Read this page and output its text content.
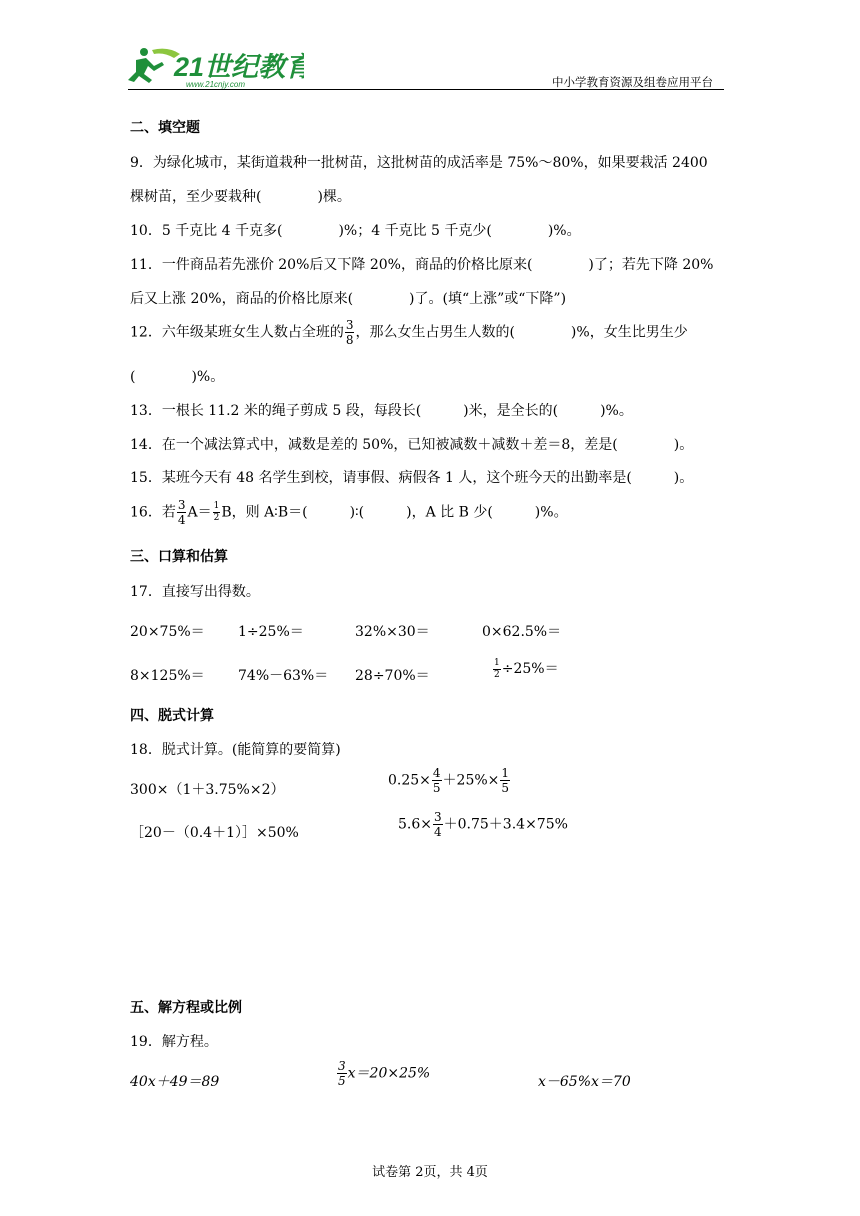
21世纪教育
www.21cnjy.com	中小学教育资源及组卷应用平台
二、填空题
9．为绿化城市，某街道栽种一批树苗，这批树苗的成活率是 75%～80%，如果要栽活 2400
棵树苗，至少要栽种(　　　　)棵。
10．5 千克比 4 千克多(　　　　)%；4 千克比 5 千克少(　　　　)%。
11．一件商品若先涨价 20%后又下降 20%，商品的价格比原来(　　　　)了；若先下降 20%
后又上涨 20%，商品的价格比原来(　　　　)了。(填“上涨”或“下降”)
12．六年级某班女生人数占全班的 $\frac{3}{8}$ ，那么女生占男生人数的(　　　　)%，女生比男生少
(　　　　)%。
13．一根长 11.2 米的绳子剪成 5 段，每段长(　　　)米，是全长的(　　　)%。
14．在一个减法算式中，减数是差的 50%，已知被减数＋减数＋差＝8，差是(　　　　)。
15．某班今天有 48 名学生到校，请事假、病假各 1 人，这个班今天的出勤率是(　　　)。
16．若 $\frac{3}{4} A= \frac{1}{2}$ B，则 A∶B＝(　　　)∶(　　　)，A 比 B 少(　　　)%。
三、口算和估算
17．直接写出得数。
20×75%＝ 1÷25%＝	32%×30＝	0×62.5%＝
8×125%＝ 74%－63%＝ 28÷70%＝	$\frac{1}{2} \div 25\%=$
四、脱式计算
18．脱式计算。(能简算的要简算)
300×（1＋3.75%×2）
$0.25\times \frac{4}{5} +25\%\times \frac{1}{5}$
［20－（0.4＋1）］×50%
$5.6\times \frac{3}{4} +0.75+3.4\times 75\%$
五、解方程或比例
19．解方程。
40x＋49＝89	$\frac{3}{5} x=20\times 25\%$
x－65%x＝70
试卷第 2页，共 4页
